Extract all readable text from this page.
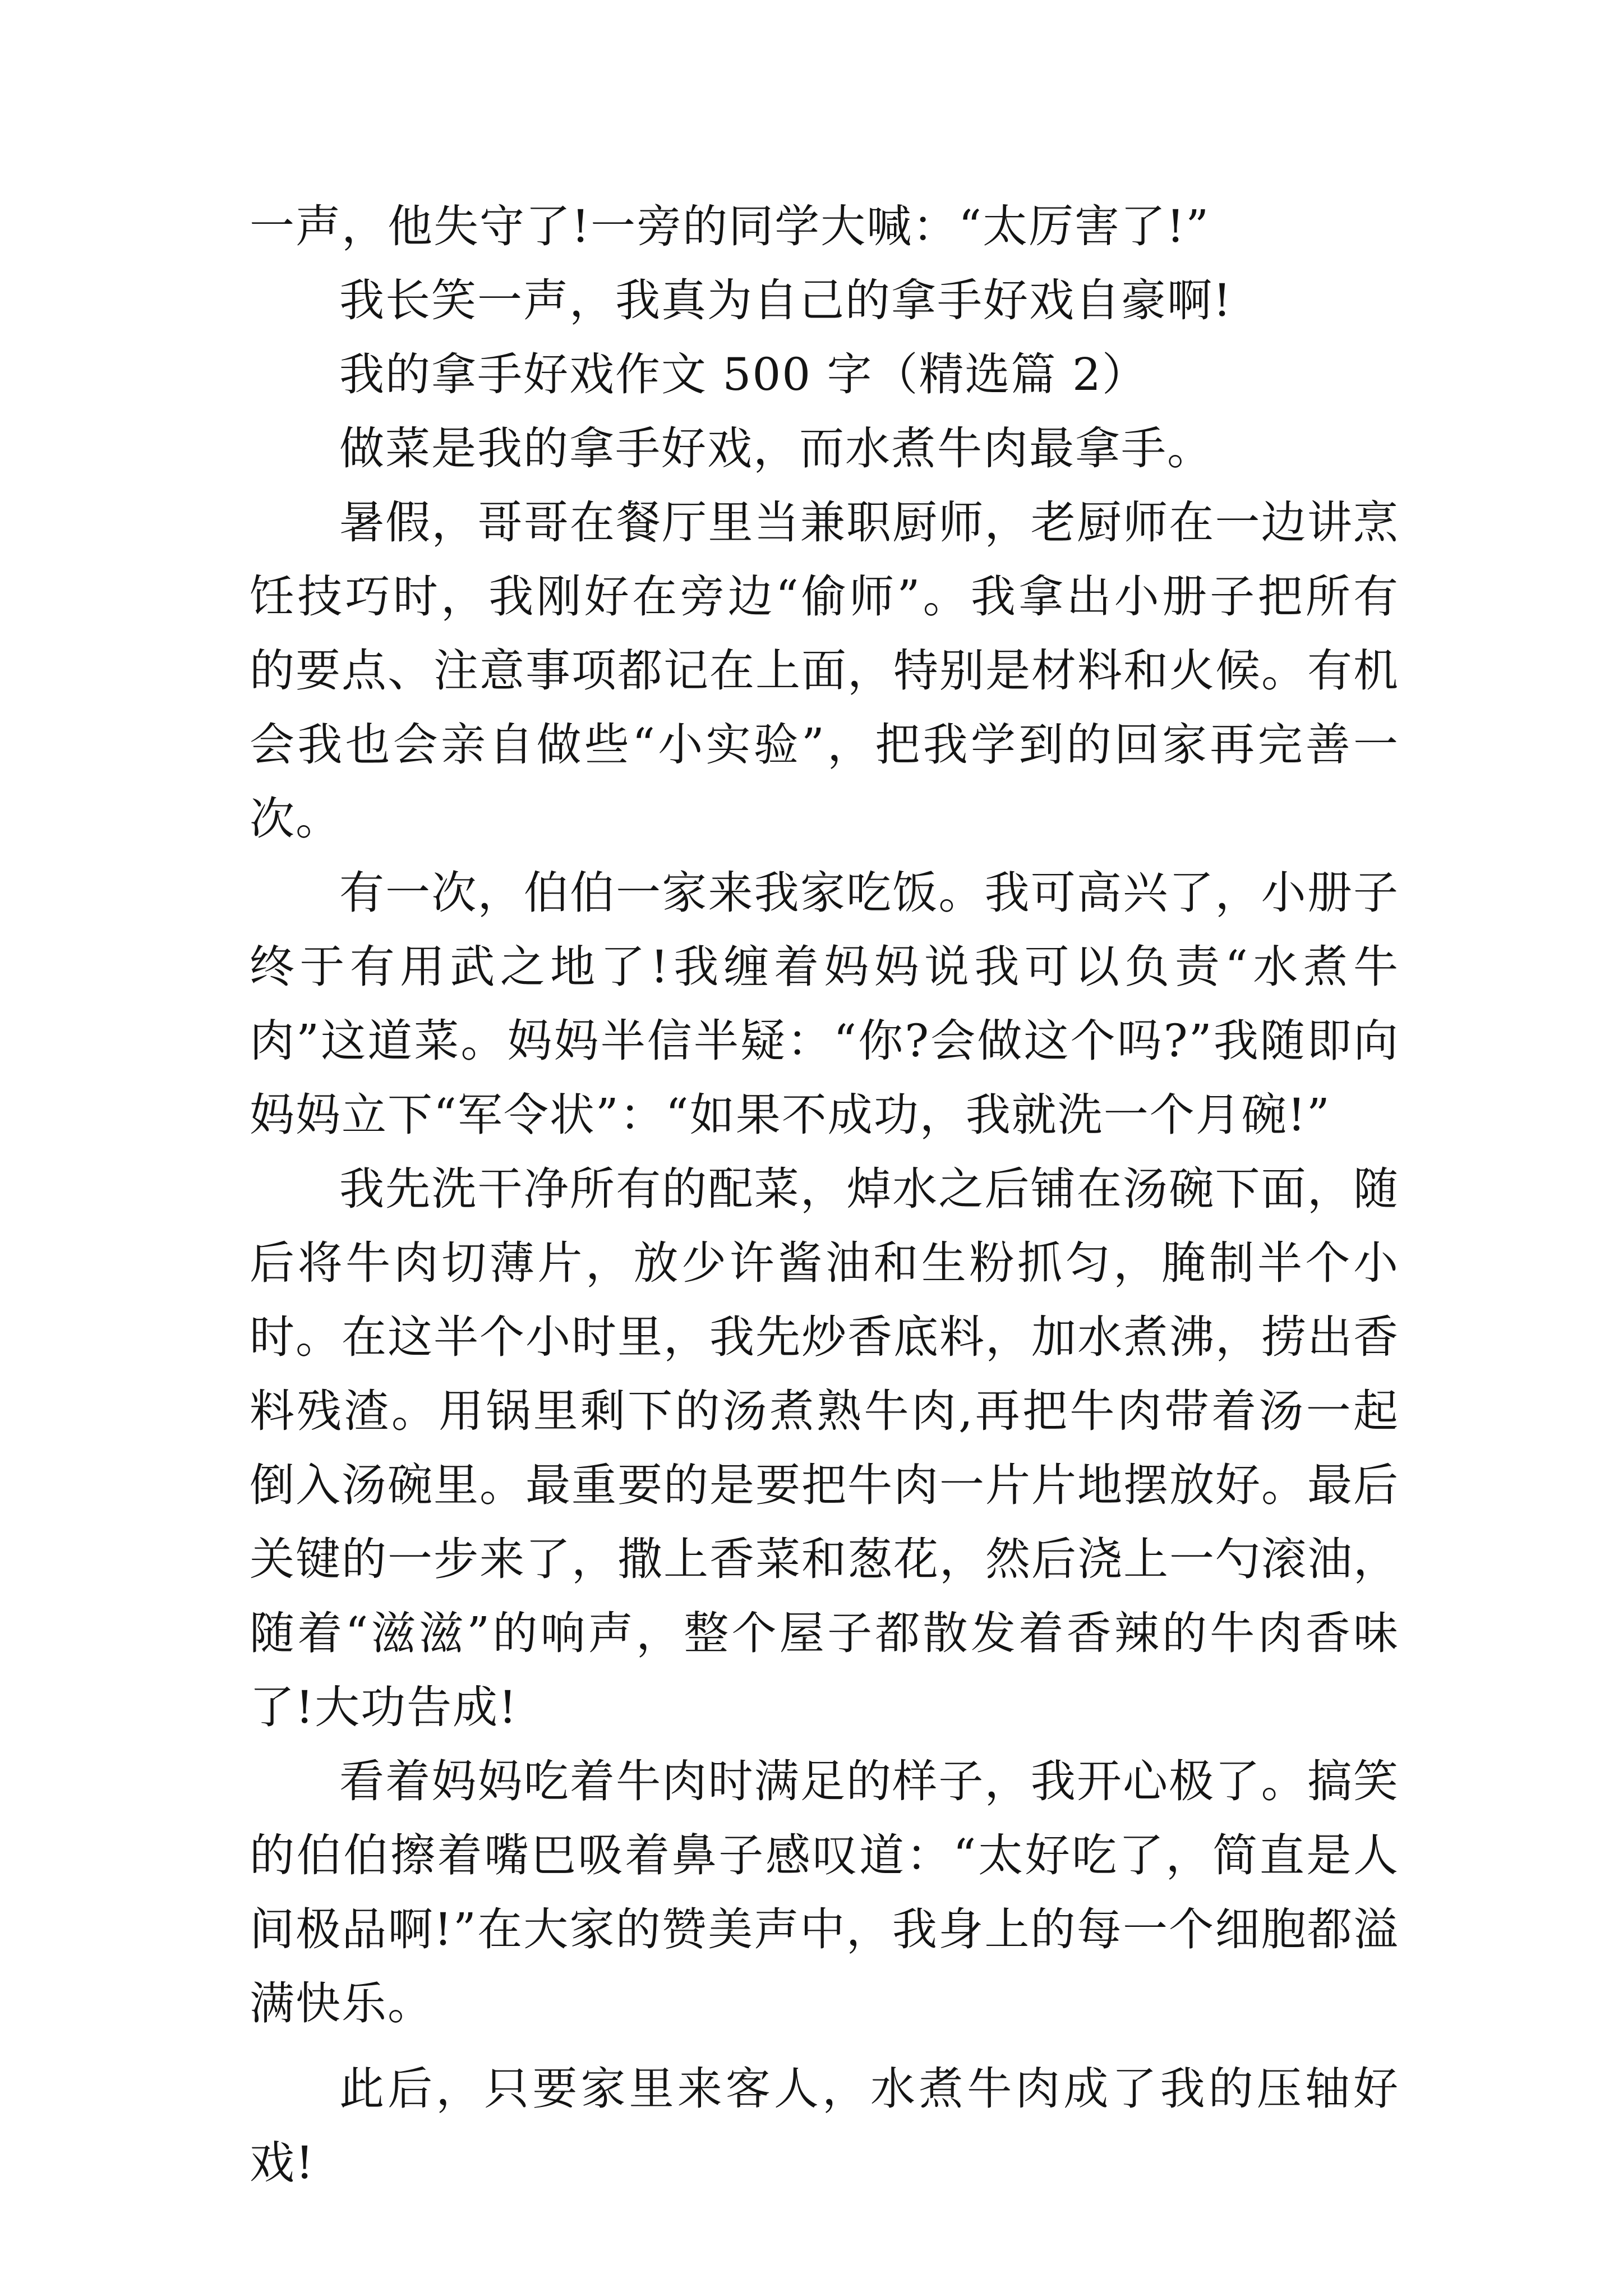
一声，他失守了!一旁的同学大喊：“太厉害了!”

我长笑一声，我真为自己的拿手好戏自豪啊!

我的拿手好戏作文 500 字（精选篇 2）

做菜是我的拿手好戏，而水煮牛肉最拿手。

暑假，哥哥在餐厅里当兼职厨师，老厨师在一边讲烹饪技巧时，我刚好在旁边“偷师”。我拿出小册子把所有的要点、注意事项都记在上面，特别是材料和火候。有机会我也会亲自做些“小实验”，把我学到的回家再完善一次。

有一次，伯伯一家来我家吃饭。我可高兴了，小册子终于有用武之地了!我缠着妈妈说我可以负责“水煮牛肉”这道菜。妈妈半信半疑：“你?会做这个吗?”我随即向妈妈立下“军令状”：“如果不成功，我就洗一个月碗!”

我先洗干净所有的配菜，焯水之后铺在汤碗下面，随后将牛肉切薄片，放少许酱油和生粉抓匀，腌制半个小时。在这半个小时里，我先炒香底料，加水煮沸，捞出香料残渣。用锅里剩下的汤煮熟牛肉,再把牛肉带着汤一起倒入汤碗里。最重要的是要把牛肉一片片地摆放好。最后关键的一步来了，撒上香菜和葱花，然后浇上一勺滚油，随着“滋滋”的响声，整个屋子都散发着香辣的牛肉香味了!大功告成!

看着妈妈吃着牛肉时满足的样子，我开心极了。搞笑的伯伯擦着嘴巴吸着鼻子感叹道：“太好吃了，简直是人间极品啊!”在大家的赞美声中，我身上的每一个细胞都溢满快乐。

此后，只要家里来客人，水煮牛肉成了我的压轴好戏!
